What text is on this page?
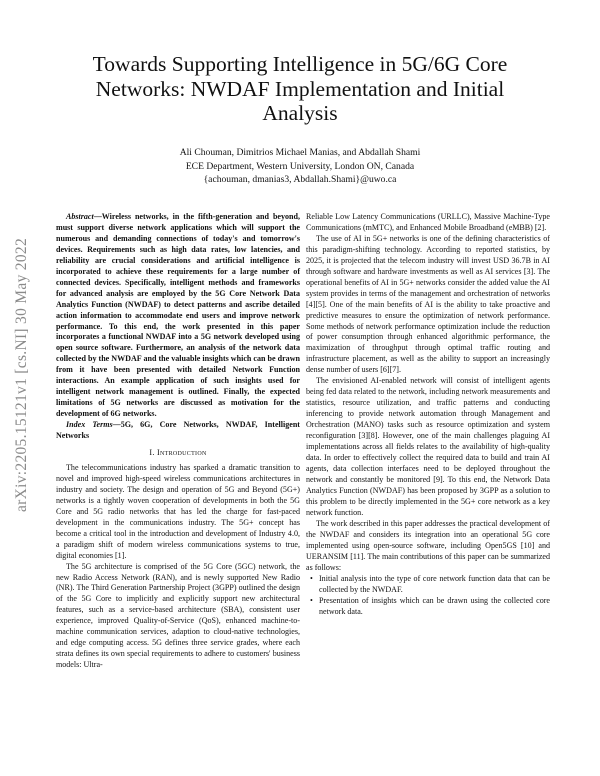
arXiv:2205.15121v1 [cs.NI] 30 May 2022
Towards Supporting Intelligence in 5G/6G Core
Networks: NWDAF Implementation and Initial
Analysis
Ali Chouman, Dimitrios Michael Manias, and Abdallah Shami
ECE Department, Western University, London ON, Canada
{achouman, dmanias3, Abdallah.Shami}@uwo.ca

Abstract—Wireless networks, in the fifth-generation and beyond, must support diverse network applications which will support the numerous and demanding connections of today's and tomorrow's devices. Requirements such as high data rates, low latencies, and reliability are crucial considerations and artificial intelligence is incorporated to achieve these requirements for a large number of connected devices. Specifically, intelligent methods and frameworks for advanced analysis are employed by the 5G Core Network Data Analytics Function (NWDAF) to detect patterns and ascribe detailed action information to accommodate end users and improve network performance. To this end, the work presented in this paper incorporates a functional NWDAF into a 5G network developed using open source software. Furthermore, an analysis of the network data collected by the NWDAF and the valuable insights which can be drawn from it have been presented with detailed Network Function interactions. An example application of such insights used for intelligent network management is outlined. Finally, the expected limitations of 5G networks are discussed as motivation for the development of 6G networks.

Index Terms—5G, 6G, Core Networks, NWDAF, Intelligent Networks

I. Introduction

The telecommunications industry has sparked a dramatic transition to novel and improved high-speed wireless communications architectures in industry and society. The design and operation of 5G and Beyond (5G+) networks is a tightly woven cooperation of developments in both the 5G Core and 5G radio networks that has led the charge for fast-paced development in the communications industry. The 5G+ concept has become a critical tool in the introduction and development of Industry 4.0, a paradigm shift of modern wireless communications systems to true, digital economies [1].

The 5G architecture is comprised of the 5G Core (5GC) network, the new Radio Access Network (RAN), and is newly supported New Radio (NR). The Third Generation Partnership Project (3GPP) outlined the design of the 5G Core to implicitly and explicitly support new architectural features, such as a service-based architecture (SBA), consistent user experience, improved Quality-of-Service (QoS), enhanced machine-to-machine communication services, adaption to cloud-native technologies, and edge computing access. 5G defines three service grades, where each strata defines its own special requirements to adhere to customers' business models: Ultra-

Reliable Low Latency Communications (URLLC), Massive Machine-Type Communications (mMTC), and Enhanced Mobile Broadband (eMBB) [2].

The use of AI in 5G+ networks is one of the defining characteristics of this paradigm-shifting technology. According to reported statistics, by 2025, it is projected that the telecom industry will invest USD 36.7B in AI through software and hardware investments as well as AI services [3]. The operational benefits of AI in 5G+ networks consider the added value the AI system provides in terms of the management and orchestration of networks [4][5]. One of the main benefits of AI is the ability to take proactive and predictive measures to ensure the optimization of network performance. Some methods of network performance optimization include the reduction of power consumption through enhanced algorithmic performance, the maximization of throughput through optimal traffic routing and infrastructure placement, as well as the ability to support an increasingly dense number of users [6][7].

The envisioned AI-enabled network will consist of intelligent agents being fed data related to the network, including network measurements and statistics, resource utilization, and traffic patterns and conducting inferencing to provide network automation through Management and Orchestration (MANO) tasks such as resource optimization and system reconfiguration [3][8]. However, one of the main challenges plaguing AI implementations across all fields relates to the availability of high-quality data. In order to effectively collect the required data to build and train AI agents, data collection interfaces need to be deployed throughout the network and constantly be monitored [9]. To this end, the Network Data Analytics Function (NWDAF) has been proposed by 3GPP as a solution to this problem to be directly implemented in the 5G+ core network as a key network function.

The work described in this paper addresses the practical development of the NWDAF and considers its integration into an operational 5G core implemented using open-source software, including Open5GS [10] and UERANSIM [11]. The main contributions of this paper can be summarized as follows:

• Initial analysis into the type of core network function data that can be collected by the NWDAF.
• Presentation of insights which can be drawn using the collected core network data.
